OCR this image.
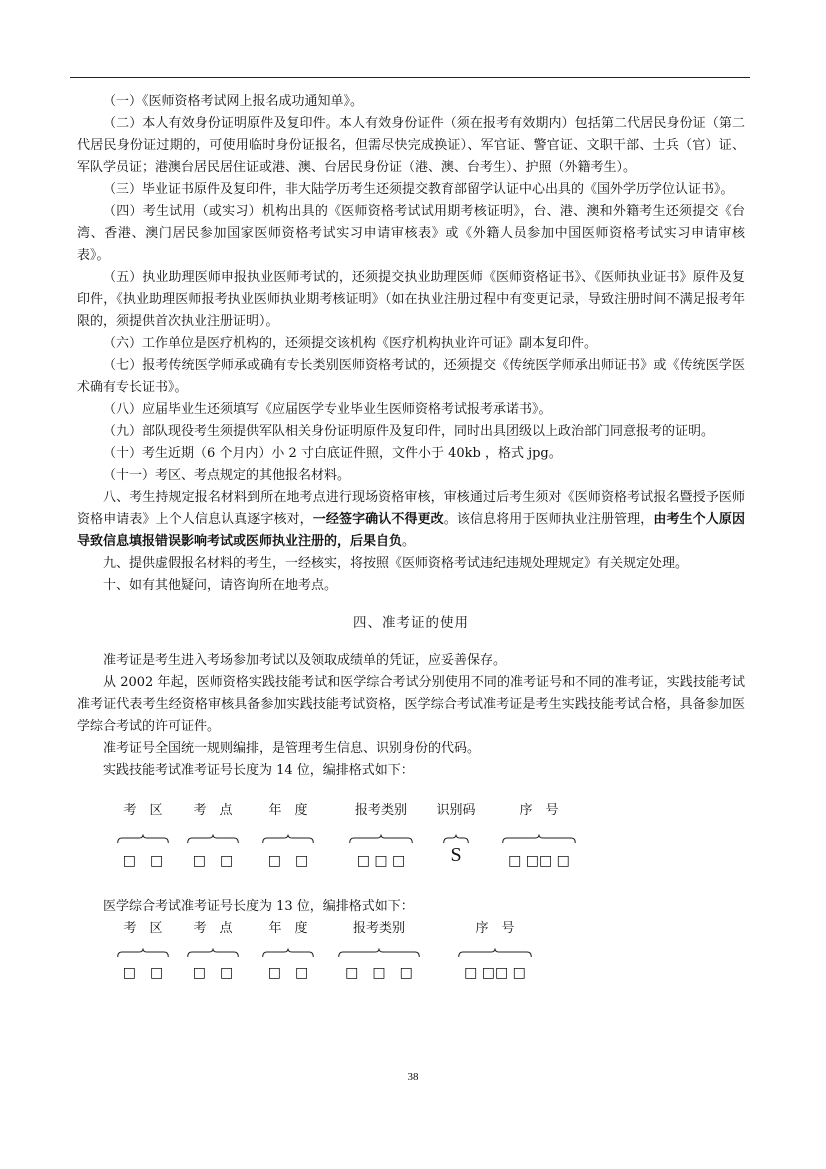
（一）《医师资格考试网上报名成功通知单》。

（二）本人有效身份证明原件及复印件。本人有效身份证件（须在报考有效期内）包括第二代居民身份证（第二代居民身份证过期的，可使用临时身份证报名，但需尽快完成换证）、军官证、警官证、文职干部、士兵（官）证、军队学员证；港澳台居民居住证或港、澳、台居民身份证（港、澳、台考生）、护照（外籍考生）。

（三）毕业证书原件及复印件，非大陆学历考生还须提交教育部留学认证中心出具的《国外学历学位认证书》。

（四）考生试用（或实习）机构出具的《医师资格考试试用期考核证明》，台、港、澳和外籍考生还须提交《台湾、香港、澳门居民参加国家医师资格考试实习申请审核表》或《外籍人员参加中国医师资格考试实习申请审核表》。

（五）执业助理医师申报执业医师考试的，还须提交执业助理医师《医师资格证书》、《医师执业证书》原件及复印件，《执业助理医师报考执业医师执业期考核证明》（如在执业注册过程中有变更记录，导致注册时间不满足报考年限的，须提供首次执业注册证明）。

（六）工作单位是医疗机构的，还须提交该机构《医疗机构执业许可证》副本复印件。

（七）报考传统医学师承或确有专长类别医师资格考试的，还须提交《传统医学师承出师证书》或《传统医学医术确有专长证书》。

（八）应届毕业生还须填写《应届医学专业毕业生医师资格考试报考承诺书》。

（九）部队现役考生须提供军队相关身份证明原件及复印件，同时出具团级以上政治部门同意报考的证明。

（十）考生近期（6 个月内）小 2 寸白底证件照，文件小于 40kb ，格式 jpg。

（十一）考区、考点规定的其他报名材料。

八、考生持规定报名材料到所在地考点进行现场资格审核，审核通过后考生须对《医师资格考试报名暨授予医师资格申请表》上个人信息认真逐字核对，一经签字确认不得更改。该信息将用于医师执业注册管理，由考生个人原因导致信息填报错误影响考试或医师执业注册的，后果自负。

九、提供虚假报名材料的考生，一经核实，将按照《医师资格考试违纪违规处理规定》有关规定处理。

十、如有其他疑问，请咨询所在地考点。

四、准考证的使用

准考证是考生进入考场参加考试以及领取成绩单的凭证，应妥善保存。

从 2002 年起，医师资格实践技能考试和医学综合考试分别使用不同的准考证号和不同的准考证，实践技能考试准考证代表考生经资格审核具备参加实践技能考试资格，医学综合考试准考证是考生实践技能考试合格，具备参加医学综合考试的许可证件。

准考证号全国统一规则编排，是管理考生信息、识别身份的代码。

实践技能考试准考证号长度为 14 位，编排格式如下：

考　区
□　□
考　点
□　□
年　度
□　□
报考类别
□ □ □
识别码
S
序　号
□ □□ □

医学综合考试准考证号长度为 13 位，编排格式如下：

考　区
□　□
考　点
□　□
年　度
□　□
报考类别
□　□　□
序　号
□ □□ □
38
